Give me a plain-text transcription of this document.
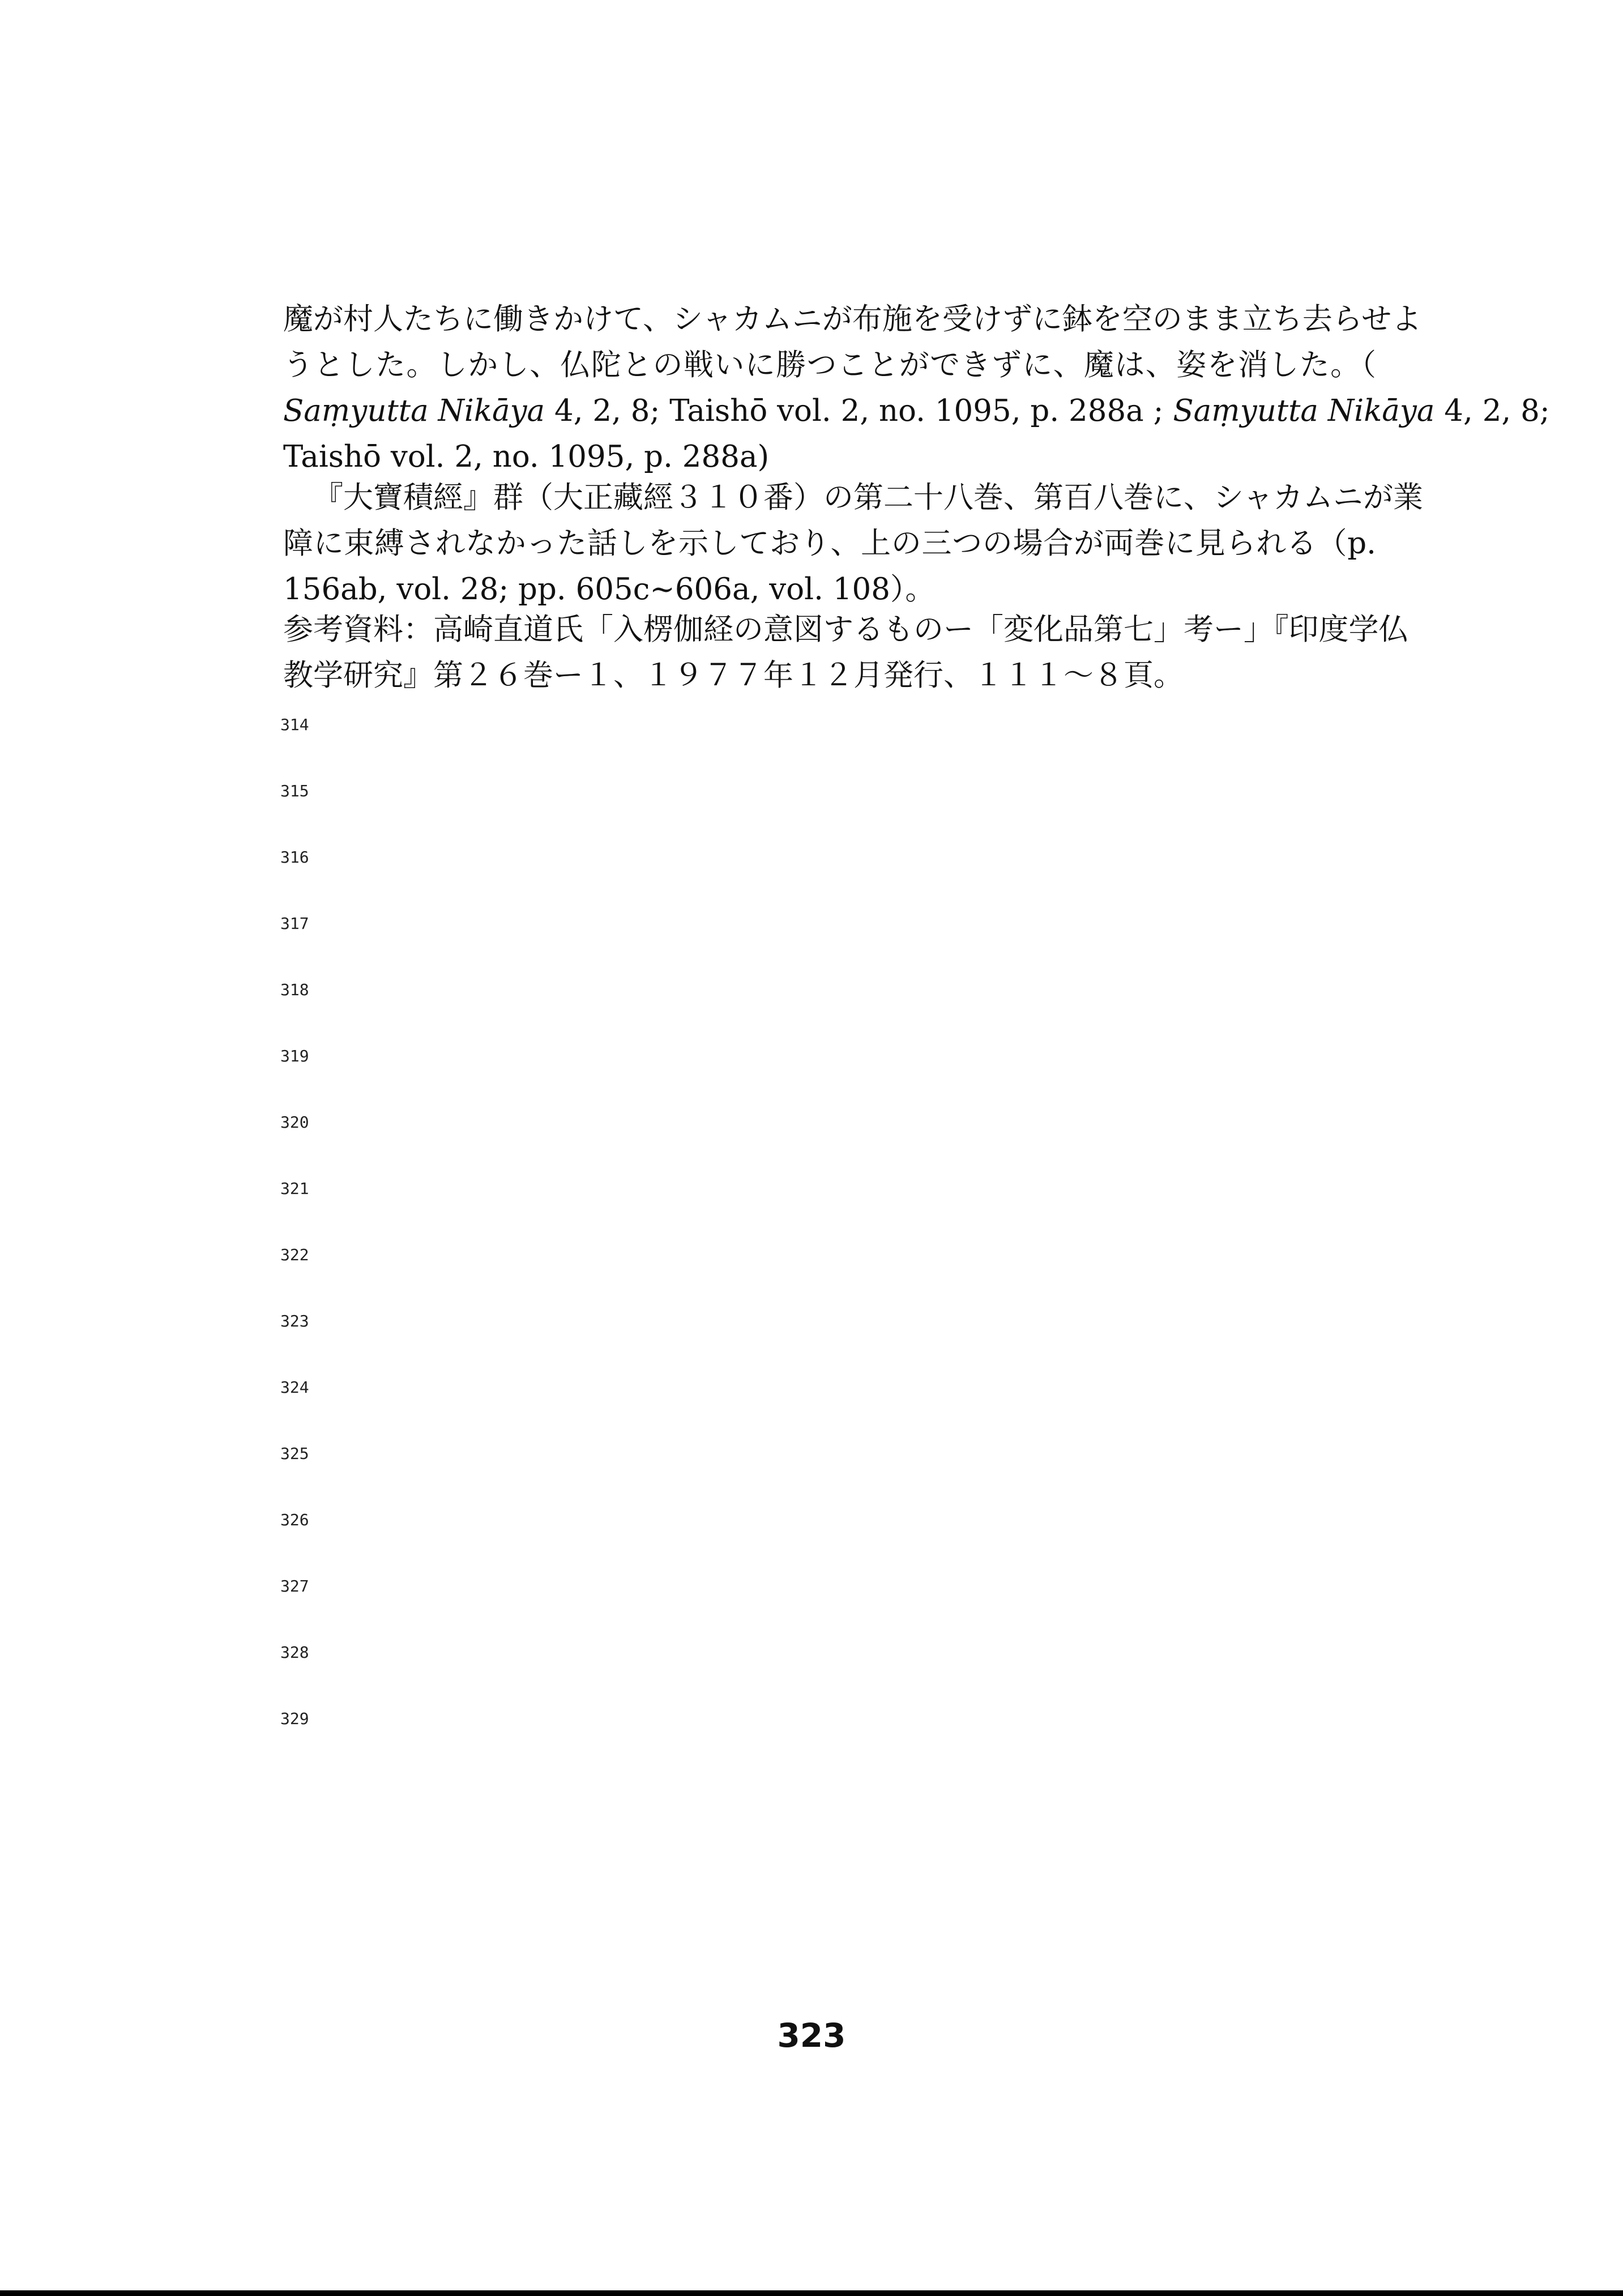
魔が村人たちに働きかけて、シャカムニが布施を受けずに鉢を空のまま立ち去らせよ
うとした。しかし、仏陀との戦いに勝つことができずに、魔は、姿を消した。（
Saṃyutta Nikāya 4, 2, 8; Taishō vol. 2, no. 1095, p. 288a ; Saṃyutta Nikāya 4, 2, 8;
Taishō vol. 2, no. 1095, p. 288a)

『大寶積經』群（大正藏經３１０番）の第二十八巻、第百八巻に、シャカムニが業
障に束縛されなかった話しを示しており、上の三つの場合が両巻に見られる（p.
156ab, vol. 28; pp. 605c~606a, vol. 108）。

参考資料：高崎直道氏「入楞伽経の意図するものー「変化品第七」考ー」『印度学仏
教学研究』第２６巻ー１、１９７７年１２月発行、１１１～８頁。

314
315
316
317
318
319
320
321
322
323
324
325
326
327
328
329
323
